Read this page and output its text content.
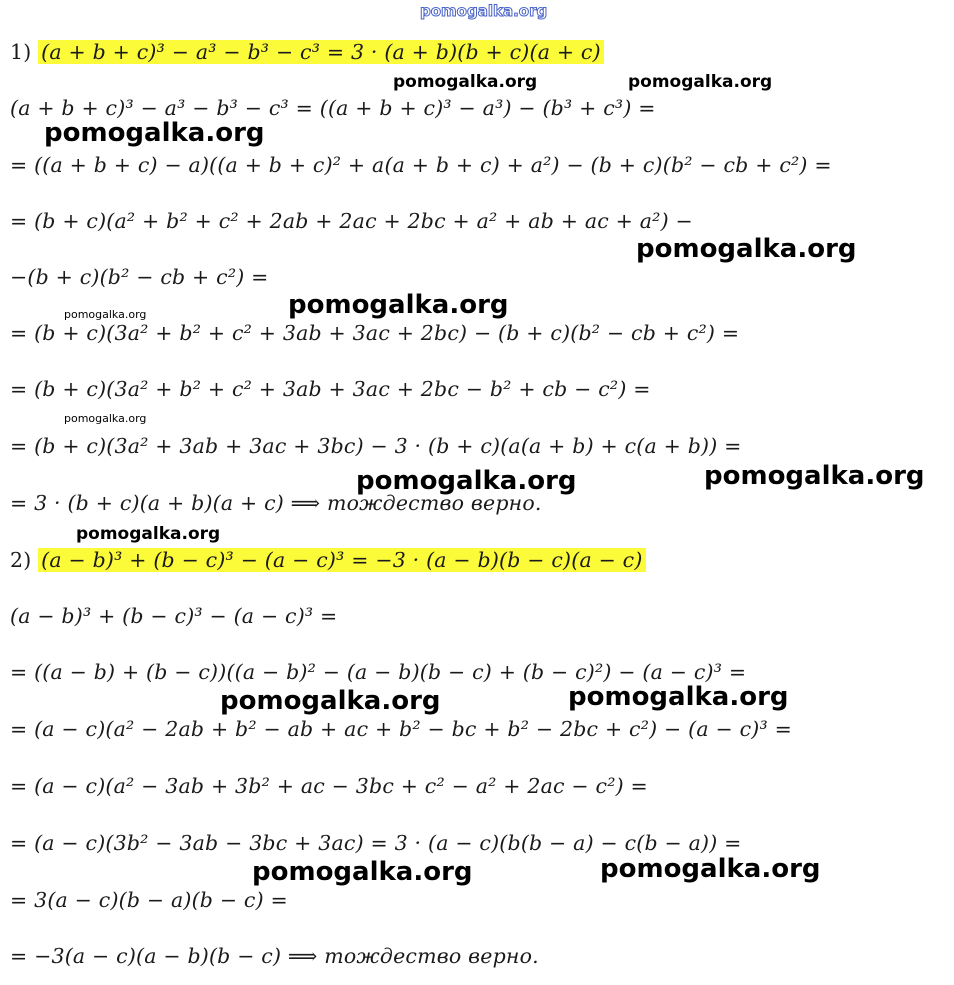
pomogalka.org
1) (a + b + c)³ − a³ − b³ − c³ = 3 · (a + b)(b + c)(a + c)
(a + b + c)³ − a³ − b³ − c³ = ((a + b + c)³ − a³) − (b³ + c³) =
= ((a + b + c) − a)((a + b + c)² + a(a + b + c) + a²) − (b + c)(b² − cb + c²) =
= (b + c)(a² + b² + c² + 2ab + 2ac + 2bc + a² + ab + ac + a²) −
−(b + c)(b² − cb + c²) =
= (b + c)(3a² + b² + c² + 3ab + 3ac + 2bc) − (b + c)(b² − cb + c²) =
= (b + c)(3a² + b² + c² + 3ab + 3ac + 2bc − b² + cb − c²) =
= (b + c)(3a² + 3ab + 3ac + 3bc) − 3 · (b + c)(a(a + b) + c(a + b)) =
= 3 · (b + c)(a + b)(a + c) ⟹ тождество верно.
2) (a − b)³ + (b − c)³ − (a − c)³ = −3 · (a − b)(b − c)(a − c)
(a − b)³ + (b − c)³ − (a − c)³ =
= ((a − b) + (b − c))((a − b)² − (a − b)(b − c) + (b − c)²) − (a − c)³ =
= (a − c)(a² − 2ab + b² − ab + ac + b² − bc + b² − 2bc + c²) − (a − c)³ =
= (a − c)(a² − 3ab + 3b² + ac − 3bc + c² − a² + 2ac − c²) =
= (a − c)(3b² − 3ab − 3bc + 3ac) = 3 · (a − c)(b(b − a) − c(b − a)) =
= 3(a − c)(b − a)(b − c) =
= −3(a − c)(a − b)(b − c) ⟹ тождество верно.
pomogalka.org	pomogalka.org
pomogalka.org
pomogalka.org
pomogalka.org	pomogalka.org
pomogalka.org
pomogalka.org	pomogalka.org
pomogalka.org
pomogalka.org	pomogalka.org
pomogalka.org	pomogalka.org
